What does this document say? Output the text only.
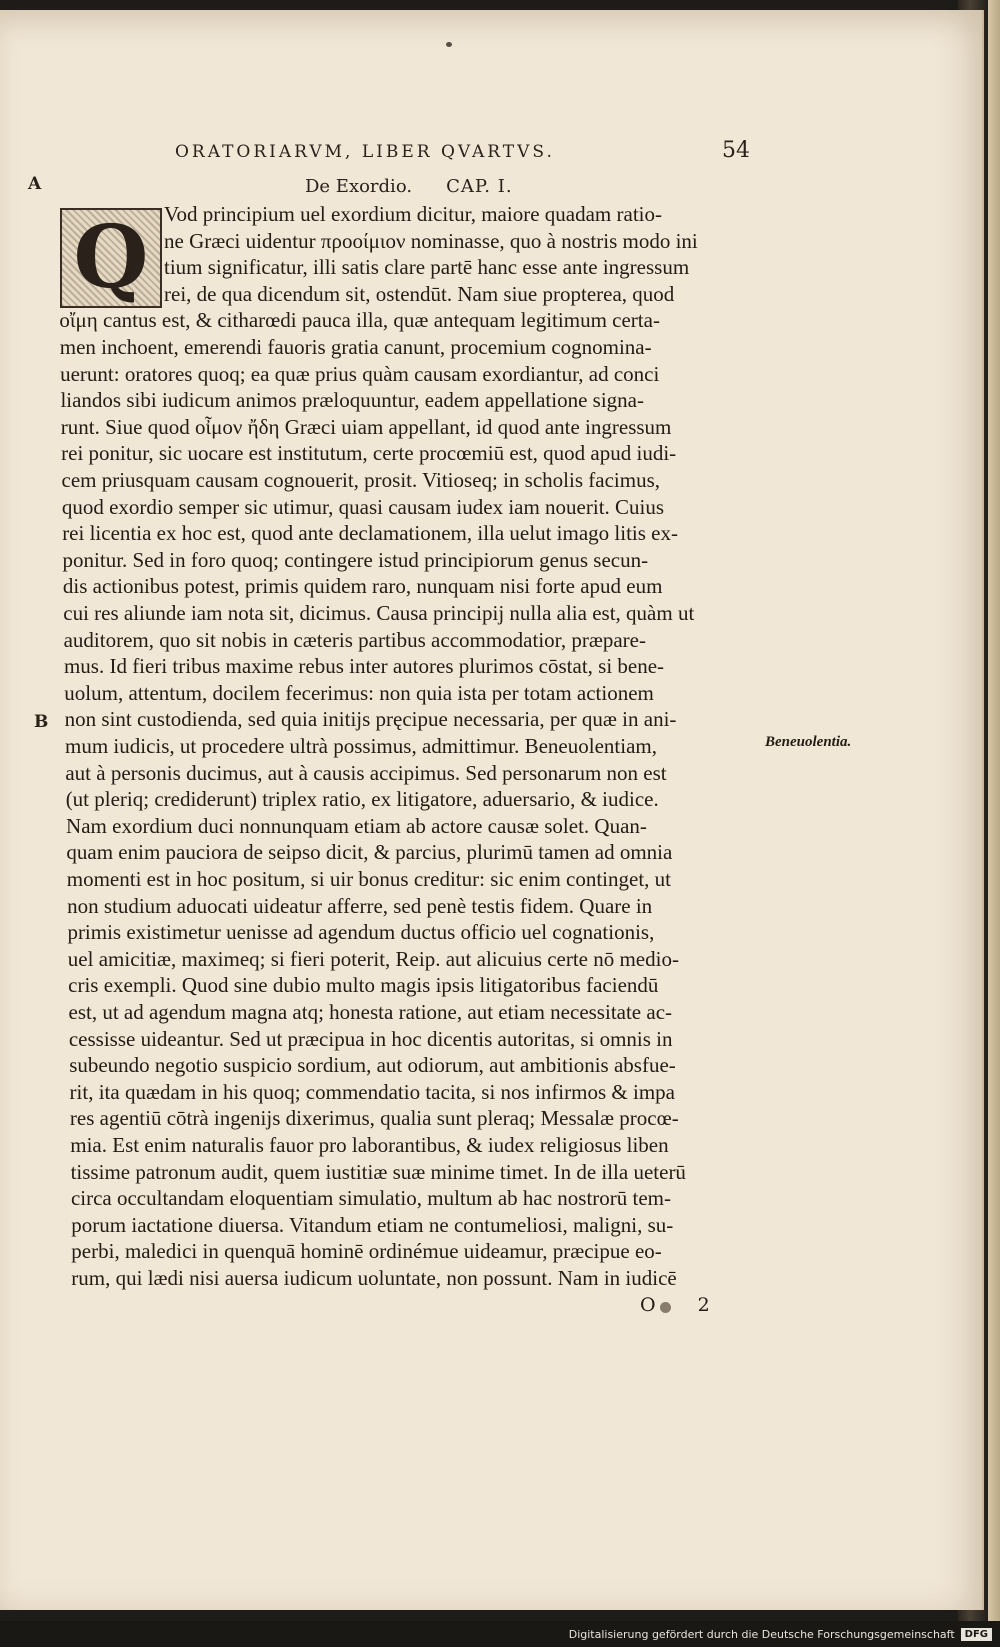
ORATORIARVM, LIBER QVARTVS.	54
A
B
De Exordio. CAP. I.
Q Vod principium uel exordium dicitur, maiore quadam ratio-
ne Græci uidentur προοίμιον nominasse, quo à nostris modo ini
tium significatur, illi satis clare partē hanc esse ante ingressum
rei, de qua dicendum sit, ostendūt. Nam siue propterea, quod
οἴμη cantus est, & citharœdi pauca illa, quæ antequam legitimum certa-
men inchoent, emerendi fauoris gratia canunt, procemium cognomina-
uerunt: oratores quoq; ea quæ prius quàm causam exordiantur, ad conci
liandos sibi iudicum animos præloquuntur, eadem appellatione signa-
runt. Siue quod οἶμον ἤδη Græci uiam appellant, id quod ante ingressum
rei ponitur, sic uocare est institutum, certe procœmiū est, quod apud iudi-
cem priusquam causam cognouerit, prosit. Vitioseq; in scholis facimus,
quod exordio semper sic utimur, quasi causam iudex iam nouerit. Cuius
rei licentia ex hoc est, quod ante declamationem, illa uelut imago litis ex-
ponitur. Sed in foro quoq; contingere istud principiorum genus secun-
dis actionibus potest, primis quidem raro, nunquam nisi forte apud eum
cui res aliunde iam nota sit, dicimus. Causa principij nulla alia est, quàm ut
auditorem, quo sit nobis in cæteris partibus accommodatior, præpare-
mus. Id fieri tribus maxime rebus inter autores plurimos cōstat, si bene-
uolum, attentum, docilem fecerimus: non quia ista per totam actionem
non sint custodienda, sed quia initijs pręcipue necessaria, per quæ in ani-
mum iudicis, ut procedere ultrà possimus, admittimur. Beneuolentiam,
aut à personis ducimus, aut à causis accipimus. Sed personarum non est
(ut pleriq; crediderunt) triplex ratio, ex litigatore, aduersario, & iudice.
Nam exordium duci nonnunquam etiam ab actore causæ solet. Quan-
quam enim pauciora de seipso dicit, & parcius, plurimū tamen ad omnia
momenti est in hoc positum, si uir bonus creditur: sic enim continget, ut
non studium aduocati uideatur afferre, sed penè testis fidem. Quare in
primis existimetur uenisse ad agendum ductus officio uel cognationis,
uel amicitiæ, maximeq; si fieri poterit, Reip. aut alicuius certe nō medio-
cris exempli. Quod sine dubio multo magis ipsis litigatoribus faciendū
est, ut ad agendum magna atq; honesta ratione, aut etiam necessitate ac-
cessisse uideantur. Sed ut præcipua in hoc dicentis autoritas, si omnis in
subeundo negotio suspicio sordium, aut odiorum, aut ambitionis absfue-
rit, ita quædam in his quoq; commendatio tacita, si nos infirmos & impa
res agentiū cōtrà ingenijs dixerimus, qualia sunt pleraq; Messalæ procœ-
mia. Est enim naturalis fauor pro laborantibus, & iudex religiosus liben
tissime patronum audit, quem iustitiæ suæ minime timet. In de illa ueterū
circa occultandam eloquentiam simulatio, multum ab hac nostrorū tem-
porum iactatione diuersa. Vitandum etiam ne contumeliosi, maligni, su-
perbi, maledici in quenquā hominē ordinémue uideamur, præcipue eo-
rum, qui lædi nisi auersa iudicum uoluntate, non possunt. Nam in iudicē
Beneuolentia.
O 2
Digitalisierung gefördert durch die Deutsche Forschungsgemeinschaft	DFG
